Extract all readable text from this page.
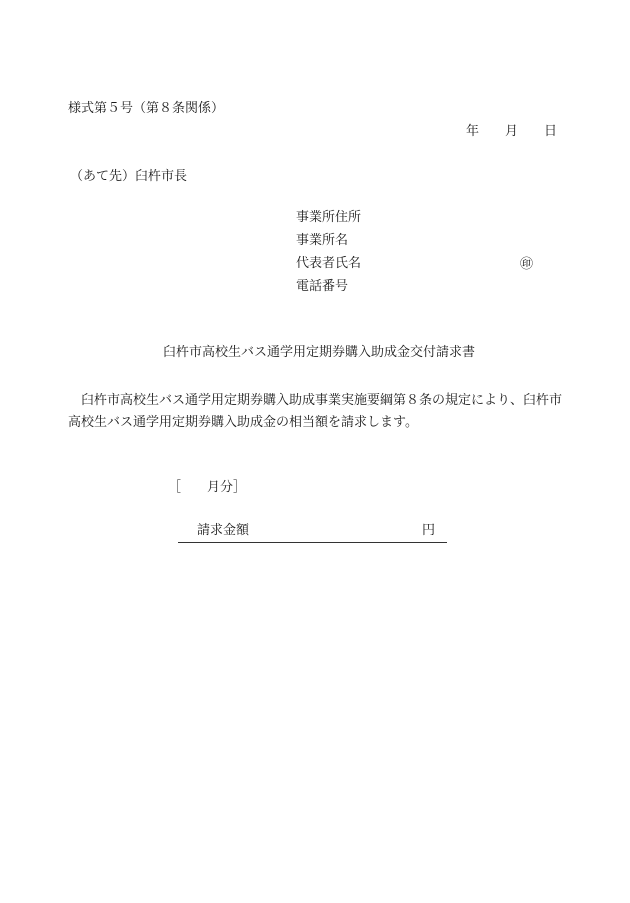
様式第５号（第８条関係）
年 月 日
（あて先）臼杵市長
事業所住所
事業所名
代表者氏名
電話番号
㊞
臼杵市高校生バス通学用定期券購入助成金交付請求書
臼杵市高校生バス通学用定期券購入助成事業実施要綱第８条の規定により、臼杵市高校生バス通学用定期券購入助成金の相当額を請求します。
［ 月分］
請求金額	円
